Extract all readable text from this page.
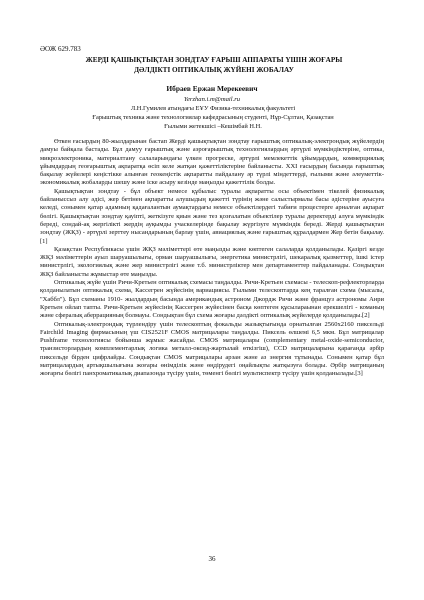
ӘОЖ 629.783
ЖЕРДІ ҚАШЫҚТЫҚТАН ЗОНДТАУ ҒАРЫШ АППАРАТЫ ҮШІН ЖОҒАРЫ
ДӘЛДІКТІ ОПТИКАЛЫҚ ЖҮЙЕНІ ЖОБАЛАУ
Ибраев Ержан Мерекеевич
Yerzhan.i.m@mail.ru
Л.Н.Гумилев атындағы ЕҰУ Физика-техникалық факультеті
Ғарыштық техника және технологиялар кафедрасының студенті, Нұр-Сұлтан, Қазақстан
Ғылыми жетекшісі –Кешімбай Н.Н.

Өткен ғасырдың 80-жылдарынан бастап Жерді қашықтықтан зондтау ғарыштық оптикалық-электрондық жүйелердің дамуы байқала бастады. Бұл дамуу ғарыштық және аэроғарыштық технологиялардың әртүрлі мүмкіндіктеріне, оптика, микроэлектроника, материалтану салаларындағы үлкен прогреске, әртүрлі мемлекеттік ұйымдардың, коммерциялық ұйымдардың геоғарыштық ақпаратқа өсіп келе жатқан қажеттіліктеріне байланысты. XXI ғасырдың басында ғарыштық бақылау жүйелері кеңістікке алынған геокеңістік ақпаратты пайдалану әр түрлі міндеттерді, ғылыми және әлеуметтік-экономикалық жобаларды шешу және іске асыру кезінде маңызды қажеттілік болды.

Қашықтықтан зондтау - бұл объект немесе құбылыс туралы ақпаратты осы объектімен тікелей физикалық байланыссыз алу әдісі, жер бетінен ақпаратты алушыдың қажетті түрінің және салыстырмалы басы әдістеріне ауысуға келеді, сонымен қатар адамның қадағалантын аумақтардағы немесе объектілердегі табиғи процестерге арналған ақпарат бөлігі. Қашықтықтан зондтау қауіпті, жеткізуге қиын және тез қозғалатын объектілер туралы деректерді алуға мүмкіндік береді, сондай-ақ жергілікті жердің ауқымды учаскелерінде бақылау жүргізуге мүмкіндік береді. Жерді қашықтықтан зондтау (ЖҚЗ) - әртүрлі зерттеу нысандарының барлау үшін, авиациялық және ғарыштық құралдармен Жер бетін бақылау.[1]

Қазақстан Республикасы үшін ЖҚЗ мәліметтері өте маңызды және көптеген салаларда қолданылады. Қазіргі кезде ЖҚЗ мәліметтерін ауыл шаруашылығы, орман шаруашылығы, энергетика министрлігі, шекаралық қызметтер, ішкі істер министрлігі, экологиялық және жер министрлігі және т.б. министрліктер мен департаменттер пайдаланады. Сондықтан ЖҚЗ байланысты жұмыстар өте маңызды.

Оптикалық жүйе үшін Ричи-Кретьен оптикалық схемасы таңдалды. Ричи-Кретьен схемасы - телескоп-рефлекторларда қолданылатын оптикалық схема, Кассегрен жүйесінің вариациясы. Ғылыми телескоптарда кең таралған схема (мысалы, "Хаббл"). Бұл схеманы 1910- жылдардың басында американдық астроном Джордж Ричи және француз астрономы Анри Кретьен ойлап тапты. Ричи-Кретьен жүйесінің Кассегрен жүйесінен басқа көптеген құсылараынан ерекшелігі - команың және сфералық аберрацияның болмауы. Сондықтан бұл схема жоғары дәлдікті оптикалық жүйелерде қолданылады.[2]

Оптикалық-электрондық түрлендіру үшін телескоптың фокальды жазықтығында орнатылған 2560x2160 пиксельді Fairchild Imaging фирмасының үш CIS2521F CMOS матрицалары таңдалды. Пиксель өлшемі 6,5 мкм. Бұл матрицалар Pushframe технологиясы бойынша жұмыс жасайды. CMOS матрицалары (complementary metal-oxide-semiconductor, транзисторлардың комплементарлық логика металл-оксид-жартылай өткізгіш), CCD матрицаларына қарағанда әрбір пиксельде бірден цифрлайды. Сондықтан CMOS матрицалары арзан және аз энергия тұтынады. Сонымен қатар бұл матрицалардың артықшылығына жоғары өнімділік және өңдірудегі оңайлықты жатқызуға болады. Әрбір матрицаның жоғарғы бөлігі панхроматикалық диапазонда түсіру үшін, төменгі бөлігі мультиспектр түсіру үшін қолданылады.[3]

36
